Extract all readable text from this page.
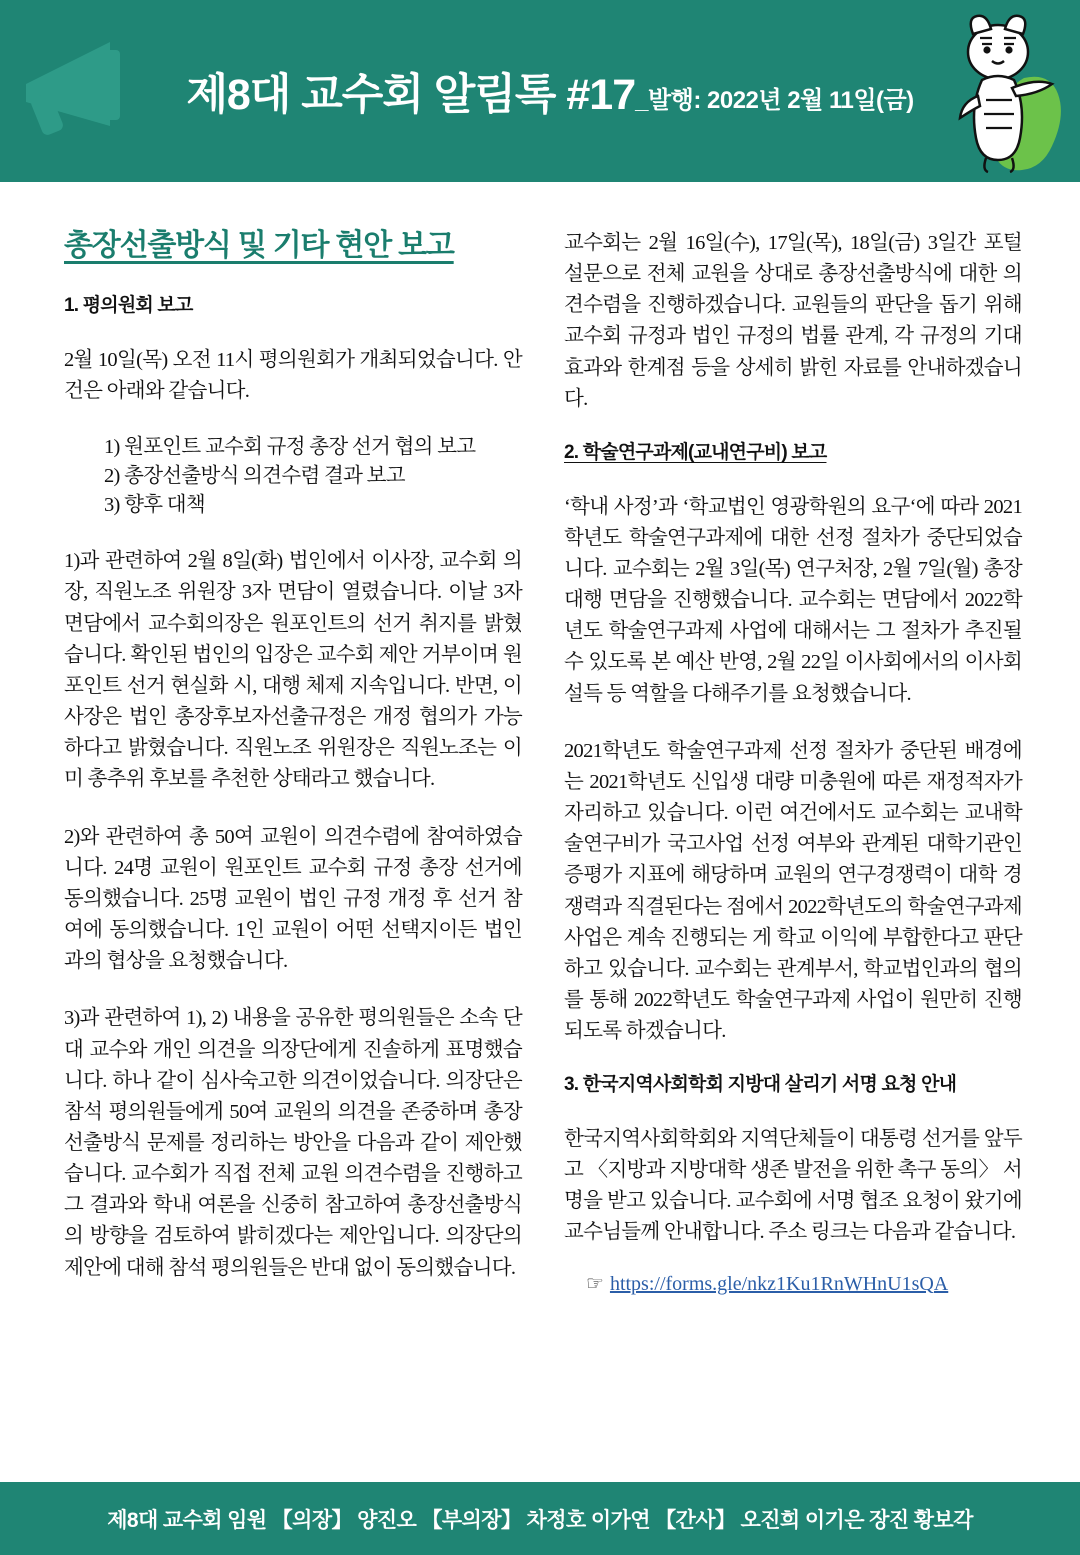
제8대 교수회 알림톡 #17 _발행: 2022년 2월 11일(금)
총장선출방식 및 기타 현안 보고
1. 평의원회 보고

2월 10일(목) 오전 11시 평의원회가 개최되었습니다. 안건은 아래와 같습니다.

1) 원포인트 교수회 규정 총장 선거 협의 보고
2) 총장선출방식 의견수렴 결과 보고
3) 향후 대책

1)과 관련하여 2월 8일(화) 법인에서 이사장, 교수회 의장, 직원노조 위원장 3자 면담이 열렸습니다. 이날 3자 면담에서 교수회의장은 원포인트의 선거 취지를 밝혔습니다. 확인된 법인의 입장은 교수회 제안 거부이며 원포인트 선거 현실화 시, 대행 체제 지속입니다. 반면, 이사장은 법인 총장후보자선출규정은 개정 협의가 가능하다고 밝혔습니다. 직원노조 위원장은 직원노조는 이미 총추위 후보를 추천한 상태라고 했습니다.

2)와 관련하여 총 50여 교원이 의견수렴에 참여하였습니다. 24명 교원이 원포인트 교수회 규정 총장 선거에 동의했습니다. 25명 교원이 법인 규정 개정 후 선거 참여에 동의했습니다. 1인 교원이 어떤 선택지이든 법인과의 협상을 요청했습니다.

3)과 관련하여 1), 2) 내용을 공유한 평의원들은 소속 단대 교수와 개인 의견을 의장단에게 진솔하게 표명했습니다. 하나 같이 심사숙고한 의견이었습니다. 의장단은 참석 평의원들에게 50여 교원의 의견을 존중하며 총장선출방식 문제를 정리하는 방안을 다음과 같이 제안했습니다. 교수회가 직접 전체 교원 의견수렴을 진행하고 그 결과와 학내 여론을 신중히 참고하여 총장선출방식의 방향을 검토하여 밝히겠다는 제안입니다. 의장단의 제안에 대해 참석 평의원들은 반대 없이 동의했습니다.

교수회는 2월 16일(수), 17일(목), 18일(금) 3일간 포털 설문으로 전체 교원을 상대로 총장선출방식에 대한 의견수렴을 진행하겠습니다. 교원들의 판단을 돕기 위해 교수회 규정과 법인 규정의 법률 관계, 각 규정의 기대효과와 한계점 등을 상세히 밝힌 자료를 안내하겠습니다.

2. 학술연구과제(교내연구비) 보고

‘학내 사정’과 ‘학교법인 영광학원의 요구‘에 따라 2021학년도 학술연구과제에 대한 선정 절차가 중단되었습니다. 교수회는 2월 3일(목) 연구처장, 2월 7일(월) 총장대행 면담을 진행했습니다. 교수회는 면담에서 2022학년도 학술연구과제 사업에 대해서는 그 절차가 추진될 수 있도록 본 예산 반영, 2월 22일 이사회에서의 이사회 설득 등 역할을 다해주기를 요청했습니다.

2021학년도 학술연구과제 선정 절차가 중단된 배경에는 2021학년도 신입생 대량 미충원에 따른 재정적자가 자리하고 있습니다. 이런 여건에서도 교수회는 교내학술연구비가 국고사업 선정 여부와 관계된 대학기관인증평가 지표에 해당하며 교원의 연구경쟁력이 대학 경쟁력과 직결된다는 점에서 2022학년도의 학술연구과제 사업은 계속 진행되는 게 학교 이익에 부합한다고 판단하고 있습니다. 교수회는 관계부서, 학교법인과의 협의를 통해 2022학년도 학술연구과제 사업이 원만히 진행되도록 하겠습니다.

3. 한국지역사회학회 지방대 살리기 서명 요청 안내

한국지역사회학회와 지역단체들이 대통령 선거를 앞두고 〈지방과 지방대학 생존 발전을 위한 촉구 동의〉 서명을 받고 있습니다. 교수회에 서명 협조 요청이 왔기에 교수님들께 안내합니다. 주소 링크는 다음과 같습니다.

☞ https://forms.gle/nkz1Ku1RnWHnU1sQA
제8대 교수회 임원 【의장】 양진오 【부의장】 차정호 이가연 【간사】 오진희 이기은 장진 황보각
